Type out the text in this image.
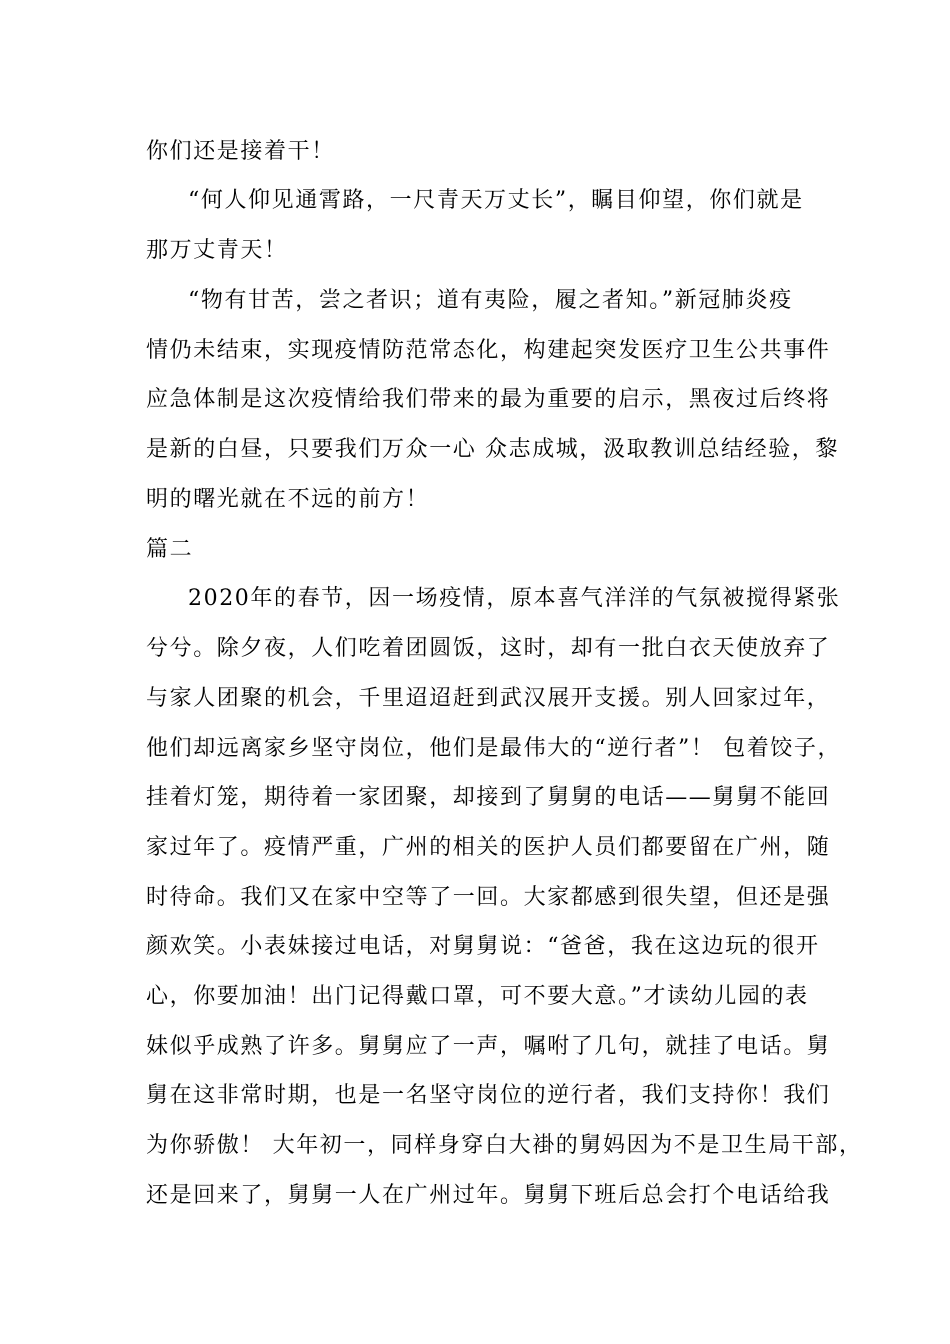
你们还是接着干！
“何人仰见通霄路，一尺青天万丈长”，瞩目仰望，你们就是
那万丈青天！
“物有甘苦，尝之者识；道有夷险，履之者知。”新冠肺炎疫
情仍未结束，实现疫情防范常态化，构建起突发医疗卫生公共事件
应急体制是这次疫情给我们带来的最为重要的启示，黑夜过后终将
是新的白昼，只要我们万众一心 众志成城，汲取教训总结经验，黎
明的曙光就在不远的前方！
篇二
2020年的春节，因一场疫情，原本喜气洋洋的气氛被搅得紧张
兮兮。除夕夜，人们吃着团圆饭，这时，却有一批白衣天使放弃了
与家人团聚的机会，千里迢迢赶到武汉展开支援。别人回家过年，
他们却远离家乡坚守岗位，他们是最伟大的“逆行者”！ 包着饺子，
挂着灯笼，期待着一家团聚，却接到了舅舅的电话——舅舅不能回
家过年了。疫情严重，广州的相关的医护人员们都要留在广州，随
时待命。我们又在家中空等了一回。大家都感到很失望，但还是强
颜欢笑。小表妹接过电话，对舅舅说：“爸爸，我在这边玩的很开
心，你要加油！出门记得戴口罩，可不要大意。”才读幼儿园的表
妹似乎成熟了许多。舅舅应了一声，嘱咐了几句，就挂了电话。舅
舅在这非常时期，也是一名坚守岗位的逆行者，我们支持你！我们
为你骄傲！ 大年初一，同样身穿白大褂的舅妈因为不是卫生局干部，
还是回来了，舅舅一人在广州过年。舅舅下班后总会打个电话给我
